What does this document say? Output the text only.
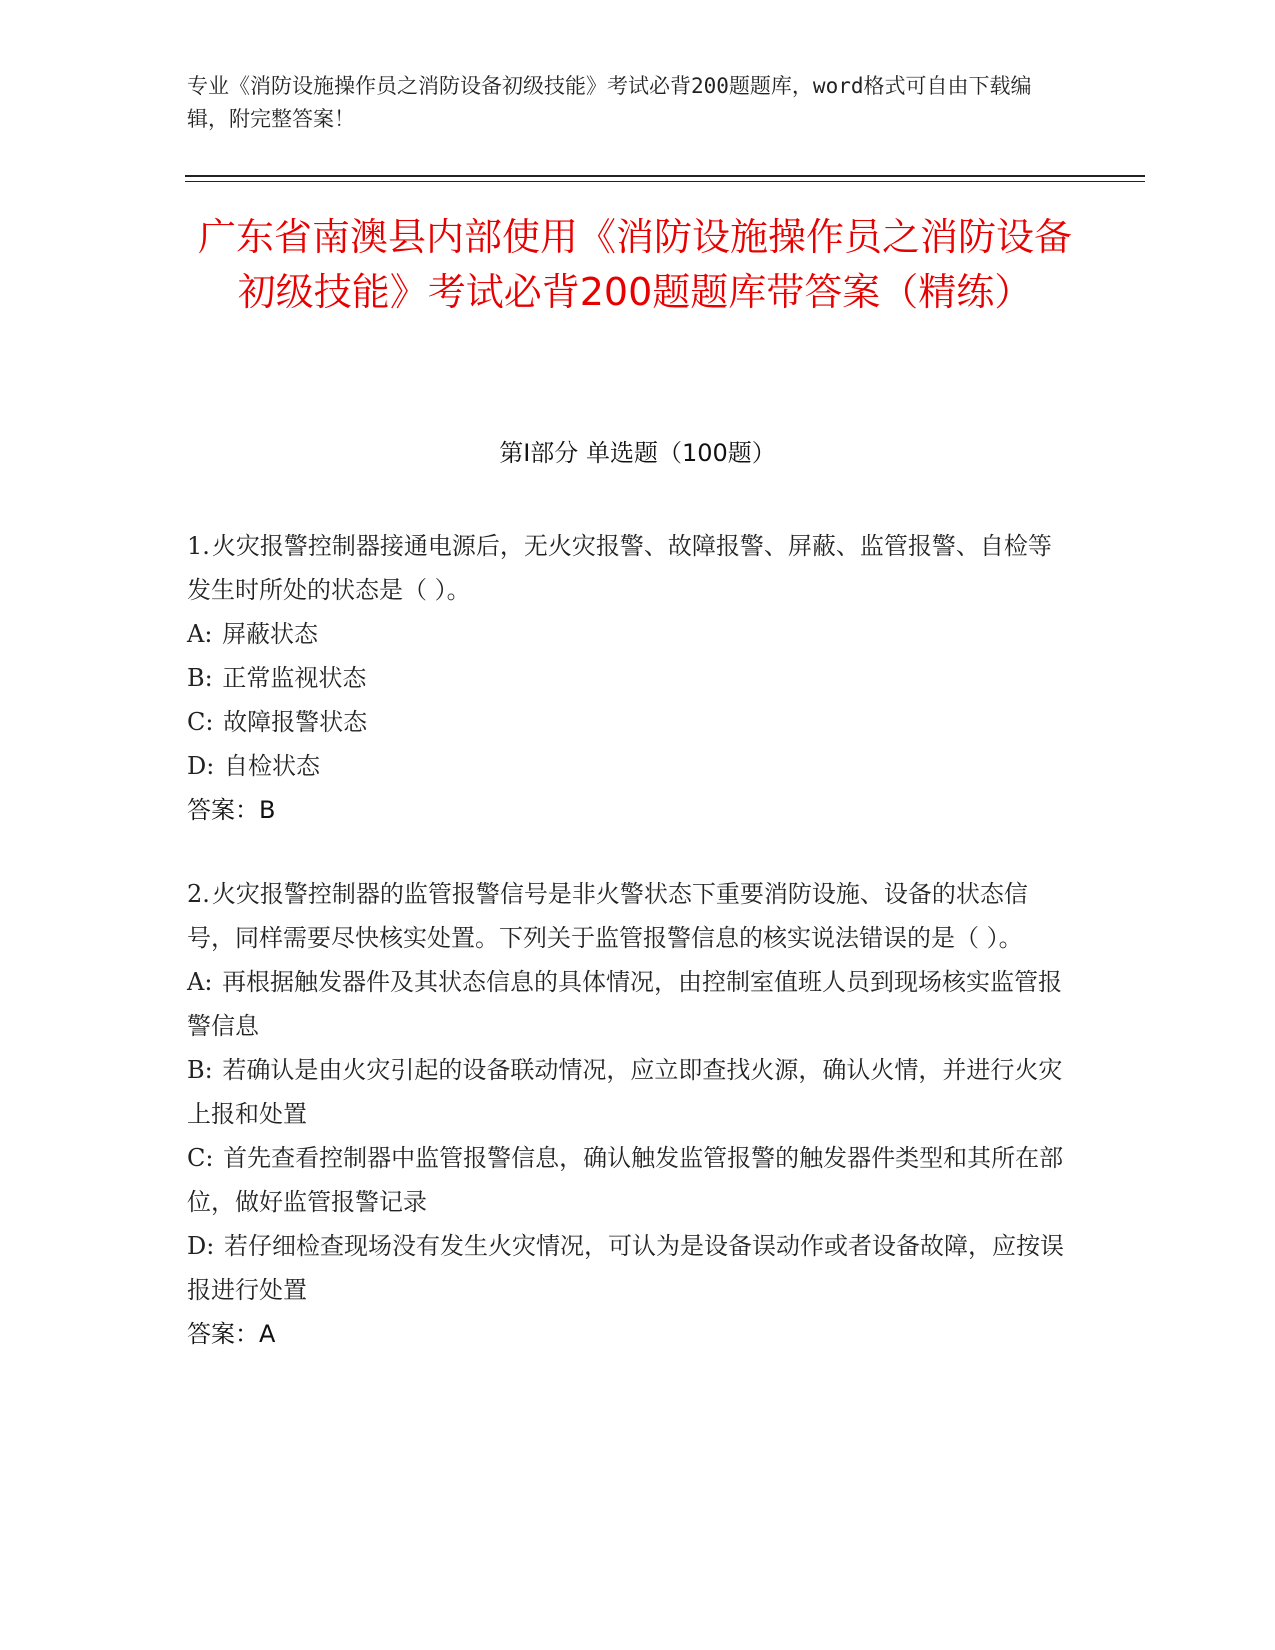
专业《消防设施操作员之消防设备初级技能》考试必背200题题库，word格式可自由下载编辑，附完整答案！
广东省南澳县内部使用《消防设施操作员之消防设备初级技能》考试必背200题题库带答案（精练）
第Ⅰ部分 单选题（100题）

1.火灾报警控制器接通电源后，无火灾报警、故障报警、屏蔽、监管报警、自检等发生时所处的状态是（ ）。

A: 屏蔽状态

B: 正常监视状态

C: 故障报警状态

D: 自检状态

答案：B

2.火灾报警控制器的监管报警信号是非火警状态下重要消防设施、设备的状态信号，同样需要尽快核实处置。下列关于监管报警信息的核实说法错误的是（ ）。

A: 再根据触发器件及其状态信息的具体情况，由控制室值班人员到现场核实监管报警信息

B: 若确认是由火灾引起的设备联动情况，应立即查找火源，确认火情，并进行火灾上报和处置

C: 首先查看控制器中监管报警信息，确认触发监管报警的触发器件类型和其所在部位，做好监管报警记录

D: 若仔细检查现场没有发生火灾情况，可认为是设备误动作或者设备故障，应按误报进行处置

答案：A
